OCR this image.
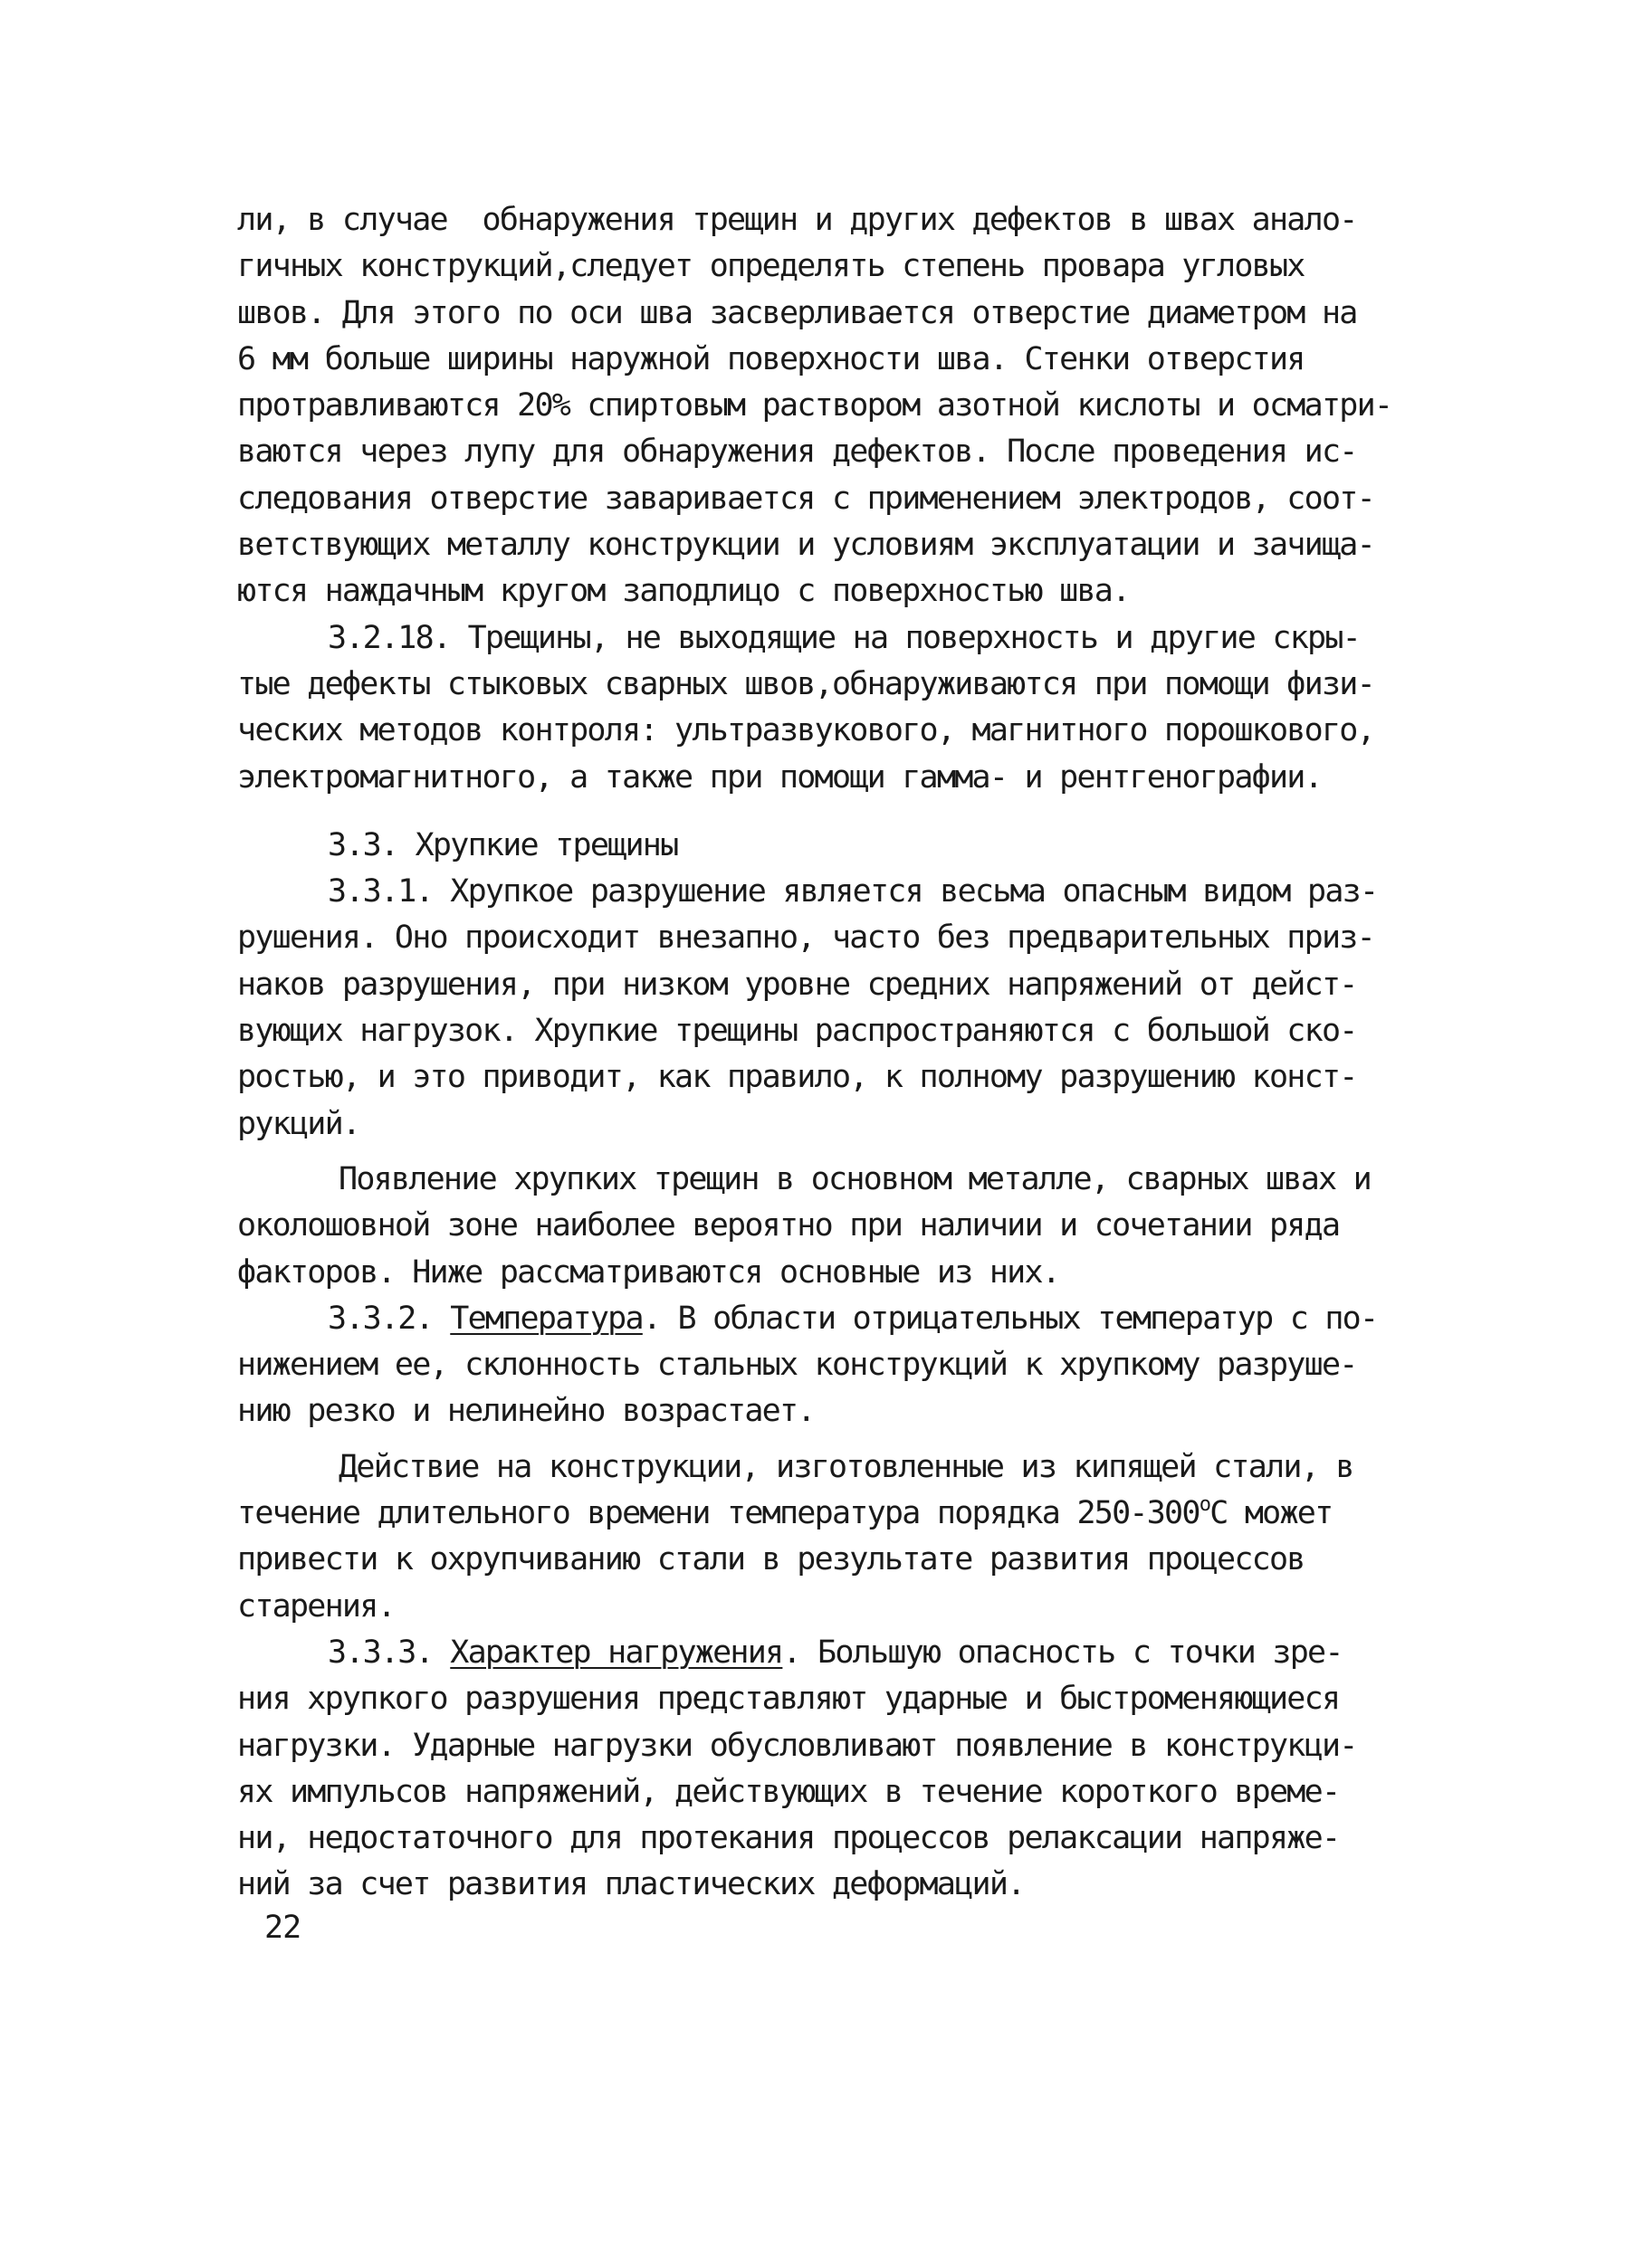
ли, в случае  обнаружения трещин и других дефектов в швах анало-
гичных конструкций,следует определять степень провара угловых
швов. Для этого по оси шва засверливается отверстие диаметром на
6 мм больше ширины наружной поверхности шва. Стенки отверстия
протравливаются 20% спиртовым раствором азотной кислоты и осматри-
ваются через лупу для обнаружения дефектов. После проведения ис-
следования отверстие заваривается с применением электродов, соот-
ветствующих металлу конструкции и условиям эксплуатации и зачища-
ются наждачным кругом заподлицо с поверхностью шва.
3.2.18. Трещины, не выходящие на поверхность и другие скры-
тые дефекты стыковых сварных швов,обнаруживаются при помощи физи-
ческих методов контроля: ультразвукового, магнитного порошкового,
электромагнитного, а также при помощи гамма- и рентгенографии.
3.3. Хрупкие трещины
3.3.1. Хрупкое разрушение является весьма опасным видом раз-
рушения. Оно происходит внезапно, часто без предварительных приз-
наков разрушения, при низком уровне средних напряжений от дейст-
вующих нагрузок. Хрупкие трещины распространяются с большой ско-
ростью, и это приводит, как правило, к полному разрушению конст-
рукций.
Появление хрупких трещин в основном металле, сварных швах и
околошовной зоне наиболее вероятно при наличии и сочетании ряда
факторов. Ниже рассматриваются основные из них.
3.3.2. Температура. В области отрицательных температур с по-
нижением ее, склонность стальных конструкций к хрупкому разруше-
нию резко и нелинейно возрастает.
Действие на конструкции, изготовленные из кипящей стали, в
течение длительного времени температура порядка 250-300$^o$С может
привести к охрупчиванию стали в результате развития процессов
старения.
3.3.3. Характер нагружения. Большую опасность с точки зре-
ния хрупкого разрушения представляют ударные и быстроменяющиеся
нагрузки. Ударные нагрузки обусловливают появление в конструкци-
ях импульсов напряжений, действующих в течение короткого време-
ни, недостаточного для протекания процессов релаксации напряже-
ний за счет развития пластических деформаций.
22
